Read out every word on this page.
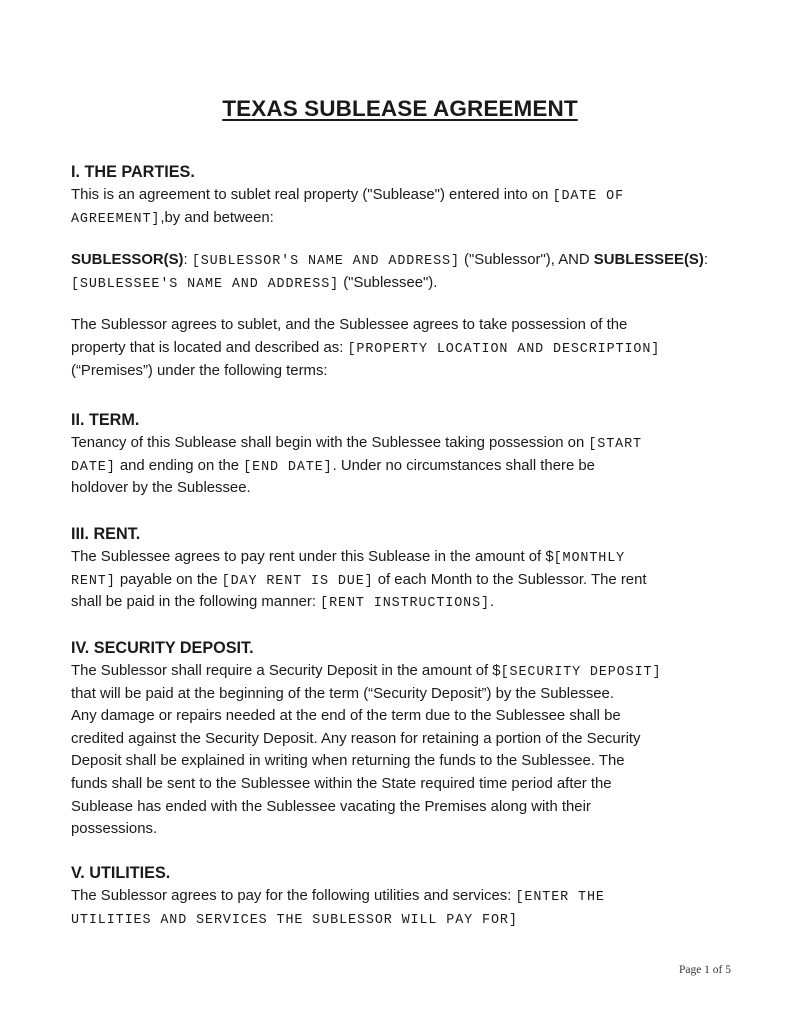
TEXAS SUBLEASE AGREEMENT

I. THE PARTIES.

This is an agreement to sublet real property ("Sublease") entered into on [DATE OF
AGREEMENT],by and between:
SUBLESSOR(S): [SUBLESSOR'S NAME AND ADDRESS] ("Sublessor"), AND SUBLESSEE(S):
[SUBLESSEE'S NAME AND ADDRESS] ("Sublessee").
The Sublessor agrees to sublet, and the Sublessee agrees to take possession of the
property that is located and described as: [PROPERTY LOCATION AND DESCRIPTION]
(“Premises”) under the following terms:

II. TERM.

Tenancy of this Sublease shall begin with the Sublessee taking possession on [START
DATE] and ending on the [END DATE]. Under no circumstances shall there be
holdover by the Sublessee.

III. RENT.

The Sublessee agrees to pay rent under this Sublease in the amount of $[MONTHLY
RENT] payable on the [DAY RENT IS DUE] of each Month to the Sublessor. The rent
shall be paid in the following manner: [RENT INSTRUCTIONS].

IV. SECURITY DEPOSIT.

The Sublessor shall require a Security Deposit in the amount of $[SECURITY DEPOSIT]
that will be paid at the beginning of the term (“Security Deposit”) by the Sublessee.
Any damage or repairs needed at the end of the term due to the Sublessee shall be
credited against the Security Deposit. Any reason for retaining a portion of the Security
Deposit shall be explained in writing when returning the funds to the Sublessee. The
funds shall be sent to the Sublessee within the State required time period after the
Sublease has ended with the Sublessee vacating the Premises along with their
possessions.

V. UTILITIES.

The Sublessor agrees to pay for the following utilities and services: [ENTER THE
UTILITIES AND SERVICES THE SUBLESSOR WILL PAY FOR]
Page 1 of 5
